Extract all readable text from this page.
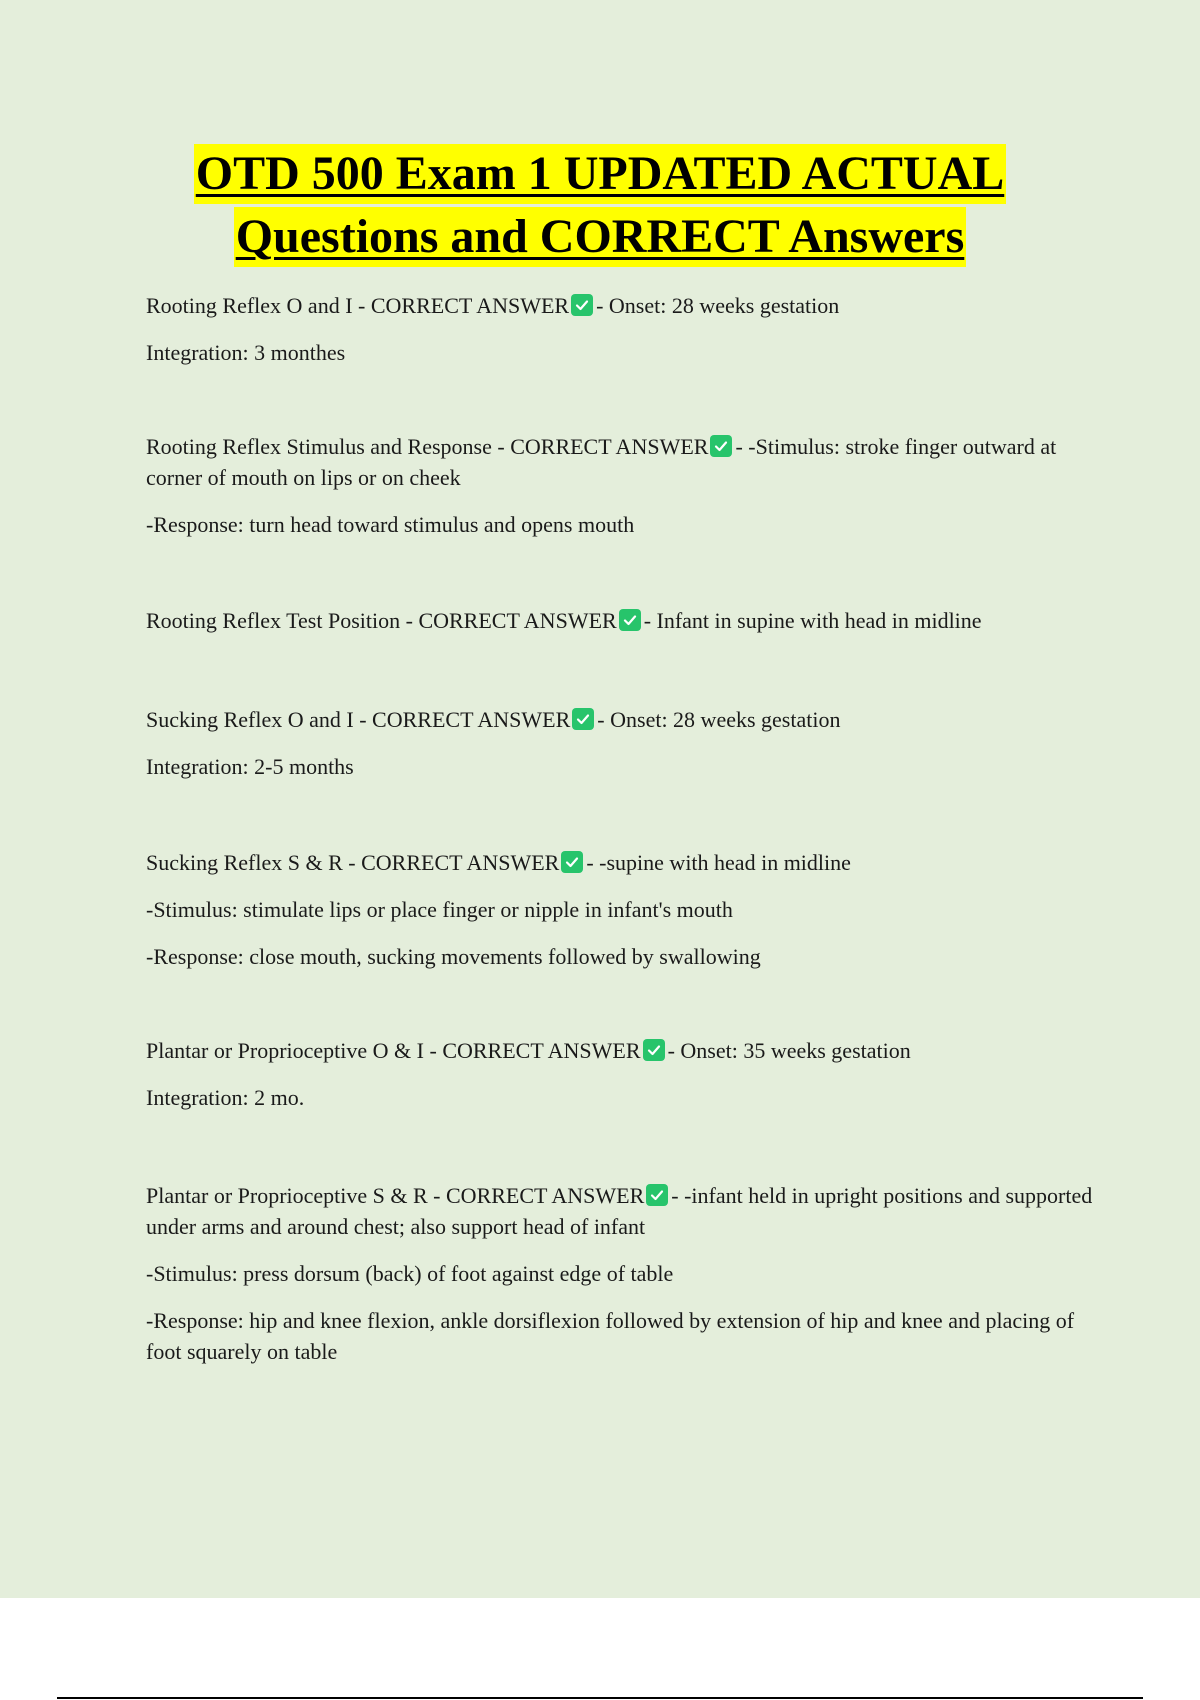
OTD 500 Exam 1 UPDATED ACTUAL
Questions and CORRECT Answers

Rooting Reflex O and I - CORRECT ANSWER - Onset: 28 weeks gestation

Integration: 3 monthes

Rooting Reflex Stimulus and Response - CORRECT ANSWER - -Stimulus: stroke finger outward at corner of mouth on lips or on cheek

-Response: turn head toward stimulus and opens mouth

Rooting Reflex Test Position - CORRECT ANSWER - Infant in supine with head in midline

Sucking Reflex O and I - CORRECT ANSWER - Onset: 28 weeks gestation

Integration: 2-5 months

Sucking Reflex S & R - CORRECT ANSWER - -supine with head in midline

-Stimulus: stimulate lips or place finger or nipple in infant's mouth

-Response: close mouth, sucking movements followed by swallowing

Plantar or Proprioceptive O & I - CORRECT ANSWER - Onset: 35 weeks gestation

Integration: 2 mo.

Plantar or Proprioceptive S & R - CORRECT ANSWER - -infant held in upright positions and supported under arms and around chest; also support head of infant

-Stimulus: press dorsum (back) of foot against edge of table

-Response: hip and knee flexion, ankle dorsiflexion followed by extension of hip and knee and placing of foot squarely on table
